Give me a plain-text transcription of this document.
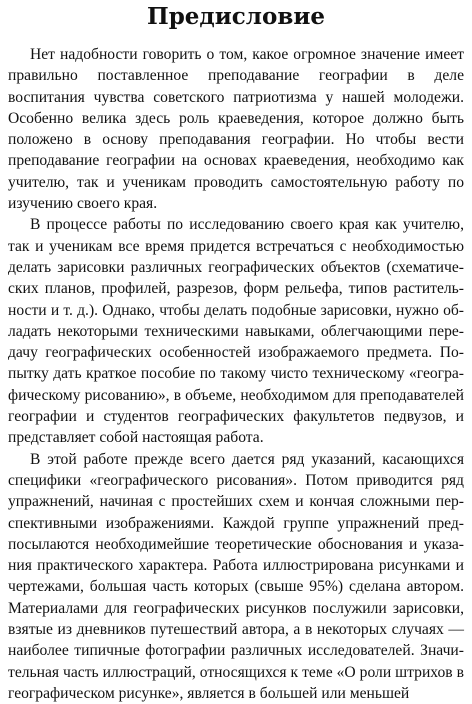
Предисловие

Нет надобности говорить о том, какое огромное значение имеет правильно поставленное преподавание географии в деле воспитания чувства советского патриотизма у нашей молодежи. Особенно велика здесь роль краеведения, которое должно быть положено в основу преподавания географии. Но чтобы вести преподавание географии на основах краеведения, необходимо как учителю, так и ученикам проводить самостоятельную работу по изучению своего края.

В процессе работы по исследованию своего края как учителю, так и ученикам все время придется встречаться с необходимостью делать зарисовки различных географических объектов (схематических планов, профилей, разрезов, форм рельефа, типов растительности и т. д.). Однако, чтобы делать подобные зарисовки, нужно обладать некоторыми техническими навыками, облегчающими передачу географических особенностей изображаемого предмета. Попытку дать краткое пособие по такому чисто техническому «географическому рисованию», в объеме, необходимом для преподавателей географии и студентов географических факультетов педвузов, и представляет собой настоящая работа.

В этой работе прежде всего дается ряд указаний, касающихся специфики «географического рисования». Потом приводится ряд упражнений, начиная с простейших схем и кончая сложными перспективными изображениями. Каждой группе упражнений предпосылаются необходимейшие теоретические обоснования и указания практического характера. Работа иллюстрирована рисунками и чертежами, большая часть которых (свыше 95%) сделана автором. Материалами для географических рисунков послужили зарисовки, взятые из дневников путешествий автора, а в некоторых случаях — наиболее типичные фотографии различных исследователей. Значительная часть иллюстраций, относящихся к теме «О роли штрихов в географическом рисунке», является в большей или меньшей
